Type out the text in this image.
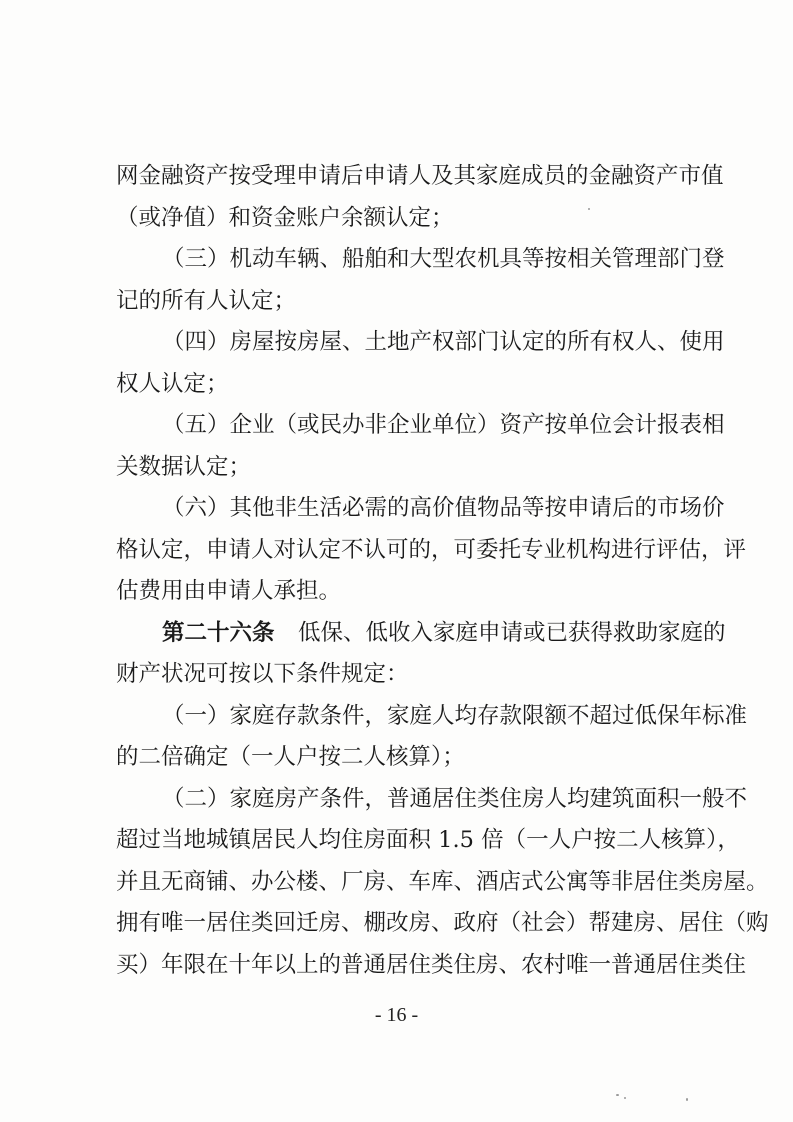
网金融资产按受理申请后申请人及其家庭成员的金融资产市值
（或净值）和资金账户余额认定；
（三）机动车辆、船舶和大型农机具等按相关管理部门登
记的所有人认定；
（四）房屋按房屋、土地产权部门认定的所有权人、使用
权人认定；
（五）企业（或民办非企业单位）资产按单位会计报表相
关数据认定；
（六）其他非生活必需的高价值物品等按申请后的市场价
格认定，申请人对认定不认可的，可委托专业机构进行评估，评
估费用由申请人承担。
第二十六条 低保、低收入家庭申请或已获得救助家庭的
财产状况可按以下条件规定：
（一）家庭存款条件，家庭人均存款限额不超过低保年标准
的二倍确定（一人户按二人核算）；
（二）家庭房产条件，普通居住类住房人均建筑面积一般不
超过当地城镇居民人均住房面积 1.5 倍（一人户按二人核算），
并且无商铺、办公楼、厂房、车库、酒店式公寓等非居住类房屋。
拥有唯一居住类回迁房、棚改房、政府（社会）帮建房、居住（购
买）年限在十年以上的普通居住类住房、农村唯一普通居住类住
- 16 -
